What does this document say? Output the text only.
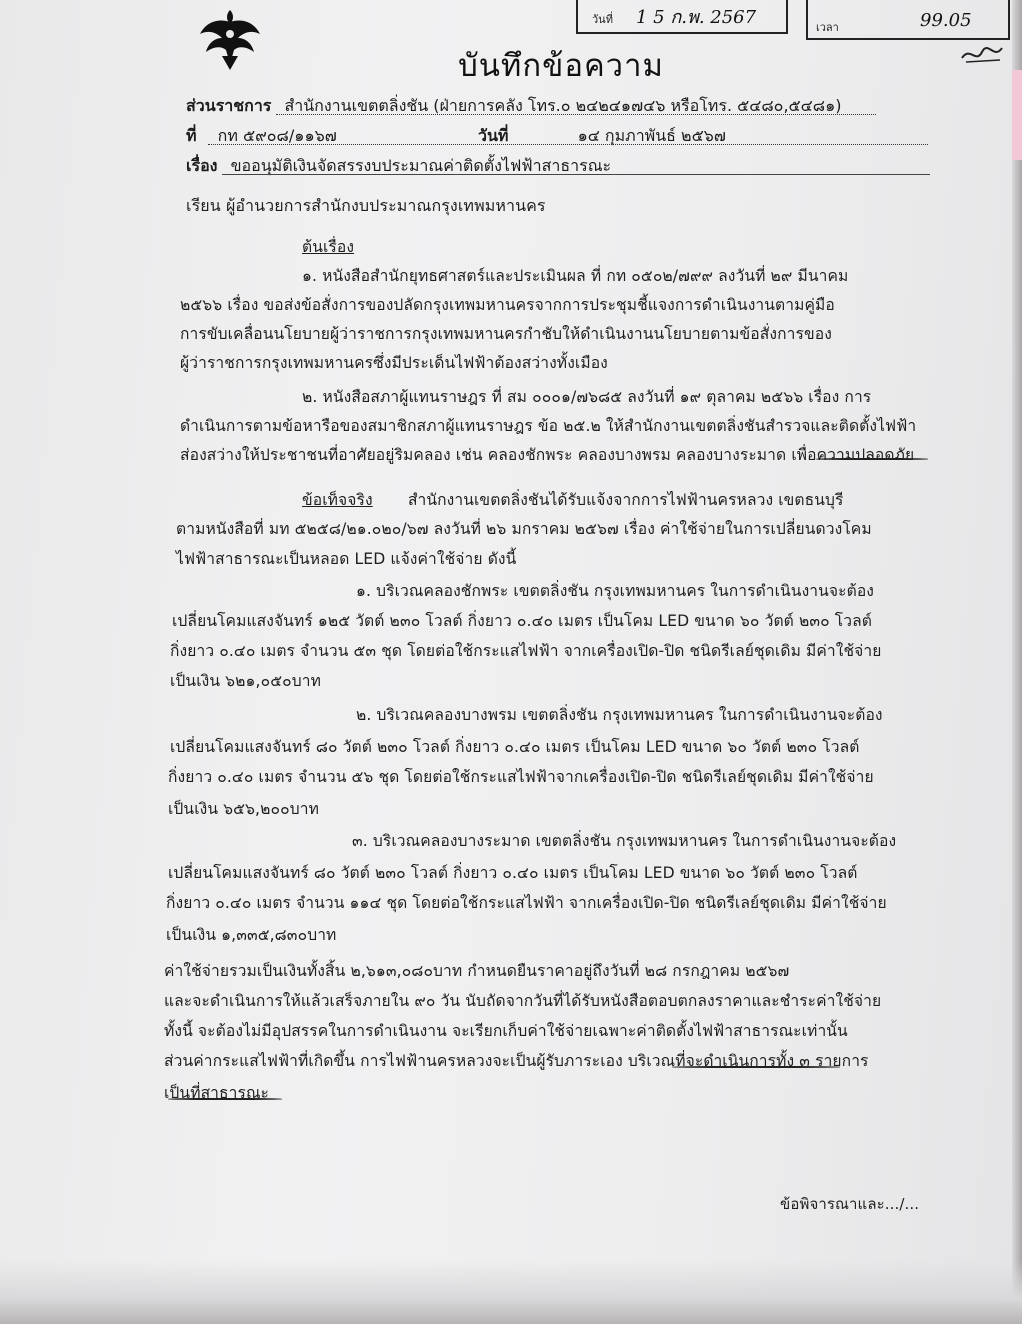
วันที่ 1 5 ก.พ. 2567	เวลา	99.05
บันทึกข้อความ
ส่วนราชการ สำนักงานเขตตลิ่งชัน (ฝ่ายการคลัง โทร.๐ ๒๔๒๔๑๗๔๖ หรือโทร. ๕๔๘๐,๕๔๘๑)
ที่ กท ๕๙๐๘/๑๑๖๗	วันที่	๑๔ กุมภาพันธ์ ๒๕๖๗
เรื่อง ขออนุมัติเงินจัดสรรงบประมาณค่าติดตั้งไฟฟ้าสาธารณะ
เรียน ผู้อำนวยการสำนักงบประมาณกรุงเทพมหานคร
ต้นเรื่อง
๑. หนังสือสำนักยุทธศาสตร์และประเมินผล ที่ กท ๐๕๐๒/๗๙๙ ลงวันที่ ๒๙ มีนาคม
๒๕๖๖ เรื่อง ขอส่งข้อสั่งการของปลัดกรุงเทพมหานครจากการประชุมชี้แจงการดำเนินงานตามคู่มือ
การขับเคลื่อนนโยบายผู้ว่าราชการกรุงเทพมหานครกำชับให้ดำเนินงานนโยบายตามข้อสั่งการของ
ผู้ว่าราชการกรุงเทพมหานครซึ่งมีประเด็นไฟฟ้าต้องสว่างทั้งเมือง
๒. หนังสือสภาผู้แทนราษฎร ที่ สม ๐๐๐๑/๗๖๘๕ ลงวันที่ ๑๙ ตุลาคม ๒๕๖๖ เรื่อง การ
ดำเนินการตามข้อหารือของสมาชิกสภาผู้แทนราษฎร ข้อ ๒๕.๒ ให้สำนักงานเขตตลิ่งชันสำรวจและติดตั้งไฟฟ้า
ส่องสว่างให้ประชาชนที่อาศัยอยู่ริมคลอง เช่น คลองชักพระ คลองบางพรม คลองบางระมาด เพื่อความปลอดภัย
ข้อเท็จจริง สำนักงานเขตตลิ่งชันได้รับแจ้งจากการไฟฟ้านครหลวง เขตธนบุรี
ตามหนังสือที่ มท ๕๒๕๘/๒๑.๐๒๐/๖๗ ลงวันที่ ๒๖ มกราคม ๒๕๖๗ เรื่อง ค่าใช้จ่ายในการเปลี่ยนดวงโคม
ไฟฟ้าสาธารณะเป็นหลอด LED แจ้งค่าใช้จ่าย ดังนี้
๑. บริเวณคลองชักพระ เขตตลิ่งชัน กรุงเทพมหานคร ในการดำเนินงานจะต้อง
เปลี่ยนโคมแสงจันทร์ ๑๒๕ วัตต์ ๒๓๐ โวลต์ กิ่งยาว ๐.๔๐ เมตร เป็นโคม LED ขนาด ๖๐ วัตต์ ๒๓๐ โวลต์
กิ่งยาว ๐.๔๐ เมตร จำนวน ๕๓ ชุด โดยต่อใช้กระแสไฟฟ้า จากเครื่องเปิด-ปิด ชนิดรีเลย์ชุดเดิม มีค่าใช้จ่าย
เป็นเงิน ๖๒๑,๐๕๐บาท
๒. บริเวณคลองบางพรม เขตตลิ่งชัน กรุงเทพมหานคร ในการดำเนินงานจะต้อง
เปลี่ยนโคมแสงจันทร์ ๘๐ วัตต์ ๒๓๐ โวลต์ กิ่งยาว ๐.๔๐ เมตร เป็นโคม LED ขนาด ๖๐ วัตต์ ๒๓๐ โวลต์
กิ่งยาว ๐.๔๐ เมตร จำนวน ๕๖ ชุด โดยต่อใช้กระแสไฟฟ้าจากเครื่องเปิด-ปิด ชนิดรีเลย์ชุดเดิม มีค่าใช้จ่าย
เป็นเงิน ๖๕๖,๒๐๐บาท
๓. บริเวณคลองบางระมาด เขตตลิ่งชัน กรุงเทพมหานคร ในการดำเนินงานจะต้อง
เปลี่ยนโคมแสงจันทร์ ๘๐ วัตต์ ๒๓๐ โวลต์ กิ่งยาว ๐.๔๐ เมตร เป็นโคม LED ขนาด ๖๐ วัตต์ ๒๓๐ โวลต์
กิ่งยาว ๐.๔๐ เมตร จำนวน ๑๑๔ ชุด โดยต่อใช้กระแสไฟฟ้า จากเครื่องเปิด-ปิด ชนิดรีเลย์ชุดเดิม มีค่าใช้จ่าย
เป็นเงิน ๑,๓๓๕,๘๓๐บาท
ค่าใช้จ่ายรวมเป็นเงินทั้งสิ้น ๒,๖๑๓,๐๘๐บาท กำหนดยืนราคาอยู่ถึงวันที่ ๒๘ กรกฎาคม ๒๕๖๗
และจะดำเนินการให้แล้วเสร็จภายใน ๙๐ วัน นับถัดจากวันที่ได้รับหนังสือตอบตกลงราคาและชำระค่าใช้จ่าย
ทั้งนี้ จะต้องไม่มีอุปสรรคในการดำเนินงาน จะเรียกเก็บค่าใช้จ่ายเฉพาะค่าติดตั้งไฟฟ้าสาธารณะเท่านั้น
ส่วนค่ากระแสไฟฟ้าที่เกิดขึ้น การไฟฟ้านครหลวงจะเป็นผู้รับภาระเอง บริเวณที่จะดำเนินการทั้ง ๓ รายการ
เป็นที่สาธารณะ
ข้อพิจารณาและ.../...
